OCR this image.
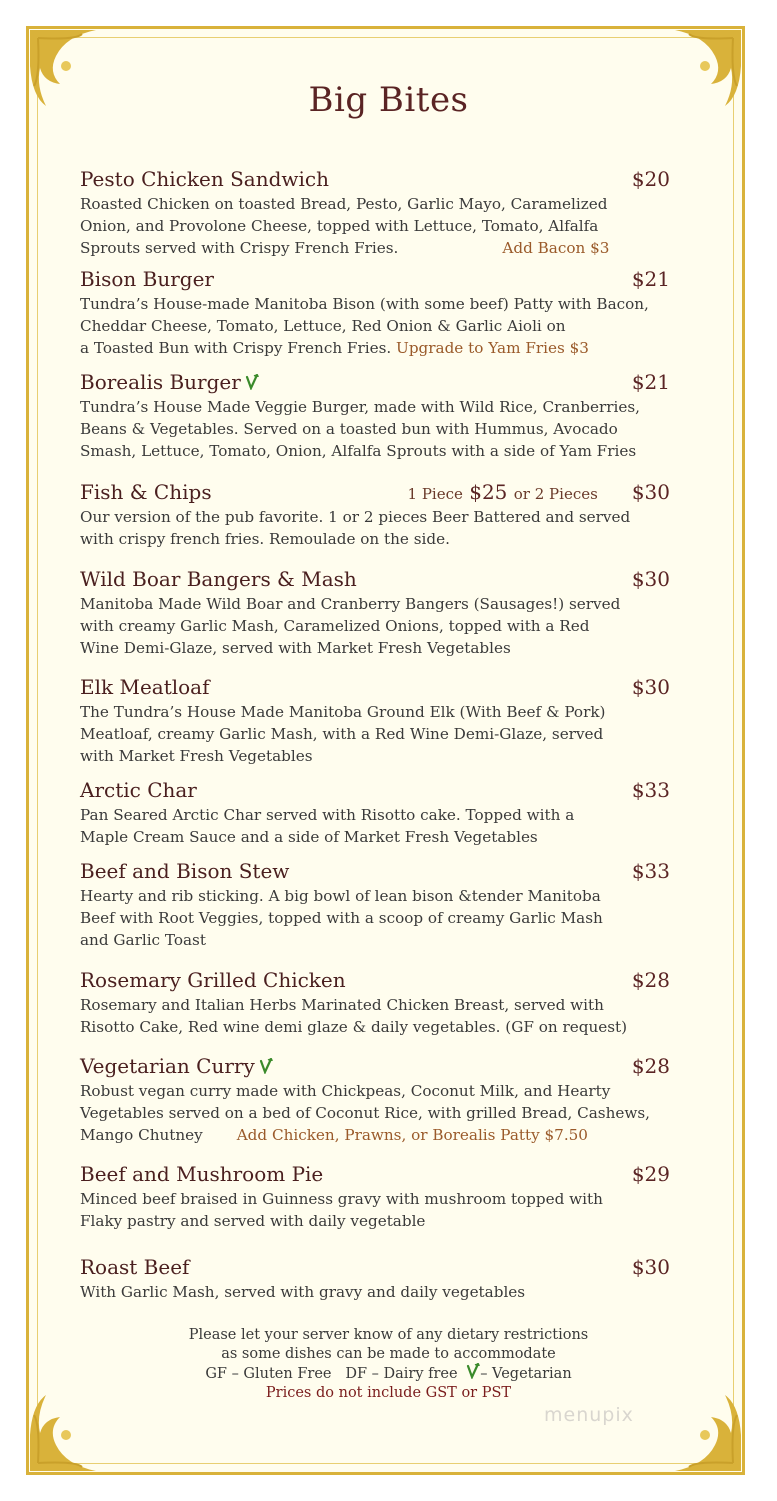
Big Bites
Pesto Chicken Sandwich	$20
Roasted Chicken on toasted Bread, Pesto, Garlic Mayo, Caramelized
Onion, and Provolone Cheese, topped with Lettuce, Tomato, Alfalfa
Sprouts served with Crispy French Fries.	Add Bacon $3
Bison Burger	$21
Tundra’s House-made Manitoba Bison (with some beef) Patty with Bacon,
Cheddar Cheese, Tomato, Lettuce, Red Onion & Garlic Aioli on
a Toasted Bun with Crispy French Fries. Upgrade to Yam Fries $3
Borealis Burger	$21
Tundra’s House Made Veggie Burger, made with Wild Rice, Cranberries,
Beans & Vegetables. Served on a toasted bun with Hummus, Avocado
Smash, Lettuce, Tomato, Onion, Alfalfa Sprouts with a side of Yam Fries
Fish & Chips	1 Piece $25 or 2 Pieces $30
Our version of the pub favorite. 1 or 2 pieces Beer Battered and served
with crispy french fries. Remoulade on the side.
Wild Boar Bangers & Mash	$30
Manitoba Made Wild Boar and Cranberry Bangers (Sausages!) served
with creamy Garlic Mash, Caramelized Onions, topped with a Red
Wine Demi-Glaze, served with Market Fresh Vegetables
Elk Meatloaf	$30
The Tundra’s House Made Manitoba Ground Elk (With Beef & Pork)
Meatloaf, creamy Garlic Mash, with a Red Wine Demi-Glaze, served
with Market Fresh Vegetables
Arctic Char	$33
Pan Seared Arctic Char served with Risotto cake. Topped with a
Maple Cream Sauce and a side of Market Fresh Vegetables
Beef and Bison Stew	$33
Hearty and rib sticking. A big bowl of lean bison &tender Manitoba
Beef with Root Veggies, topped with a scoop of creamy Garlic Mash
and Garlic Toast
Rosemary Grilled Chicken	$28
Rosemary and Italian Herbs Marinated Chicken Breast, served with
Risotto Cake, Red wine demi glaze & daily vegetables. (GF on request)
Vegetarian Curry	$28
Robust vegan curry made with Chickpeas, Coconut Milk, and Hearty
Vegetables served on a bed of Coconut Rice, with grilled Bread, Cashews,
Mango Chutney Add Chicken, Prawns, or Borealis Patty $7.50
Beef and Mushroom Pie	$29
Minced beef braised in Guinness gravy with mushroom topped with
Flaky pastry and served with daily vegetable
Roast Beef	$30
With Garlic Mash, served with gravy and daily vegetables
Please let your server know of any dietary restrictions
as some dishes can be made to accommodate
GF – Gluten Free DF – Dairy free – Vegetarian
Prices do not include GST or PST
menupix
